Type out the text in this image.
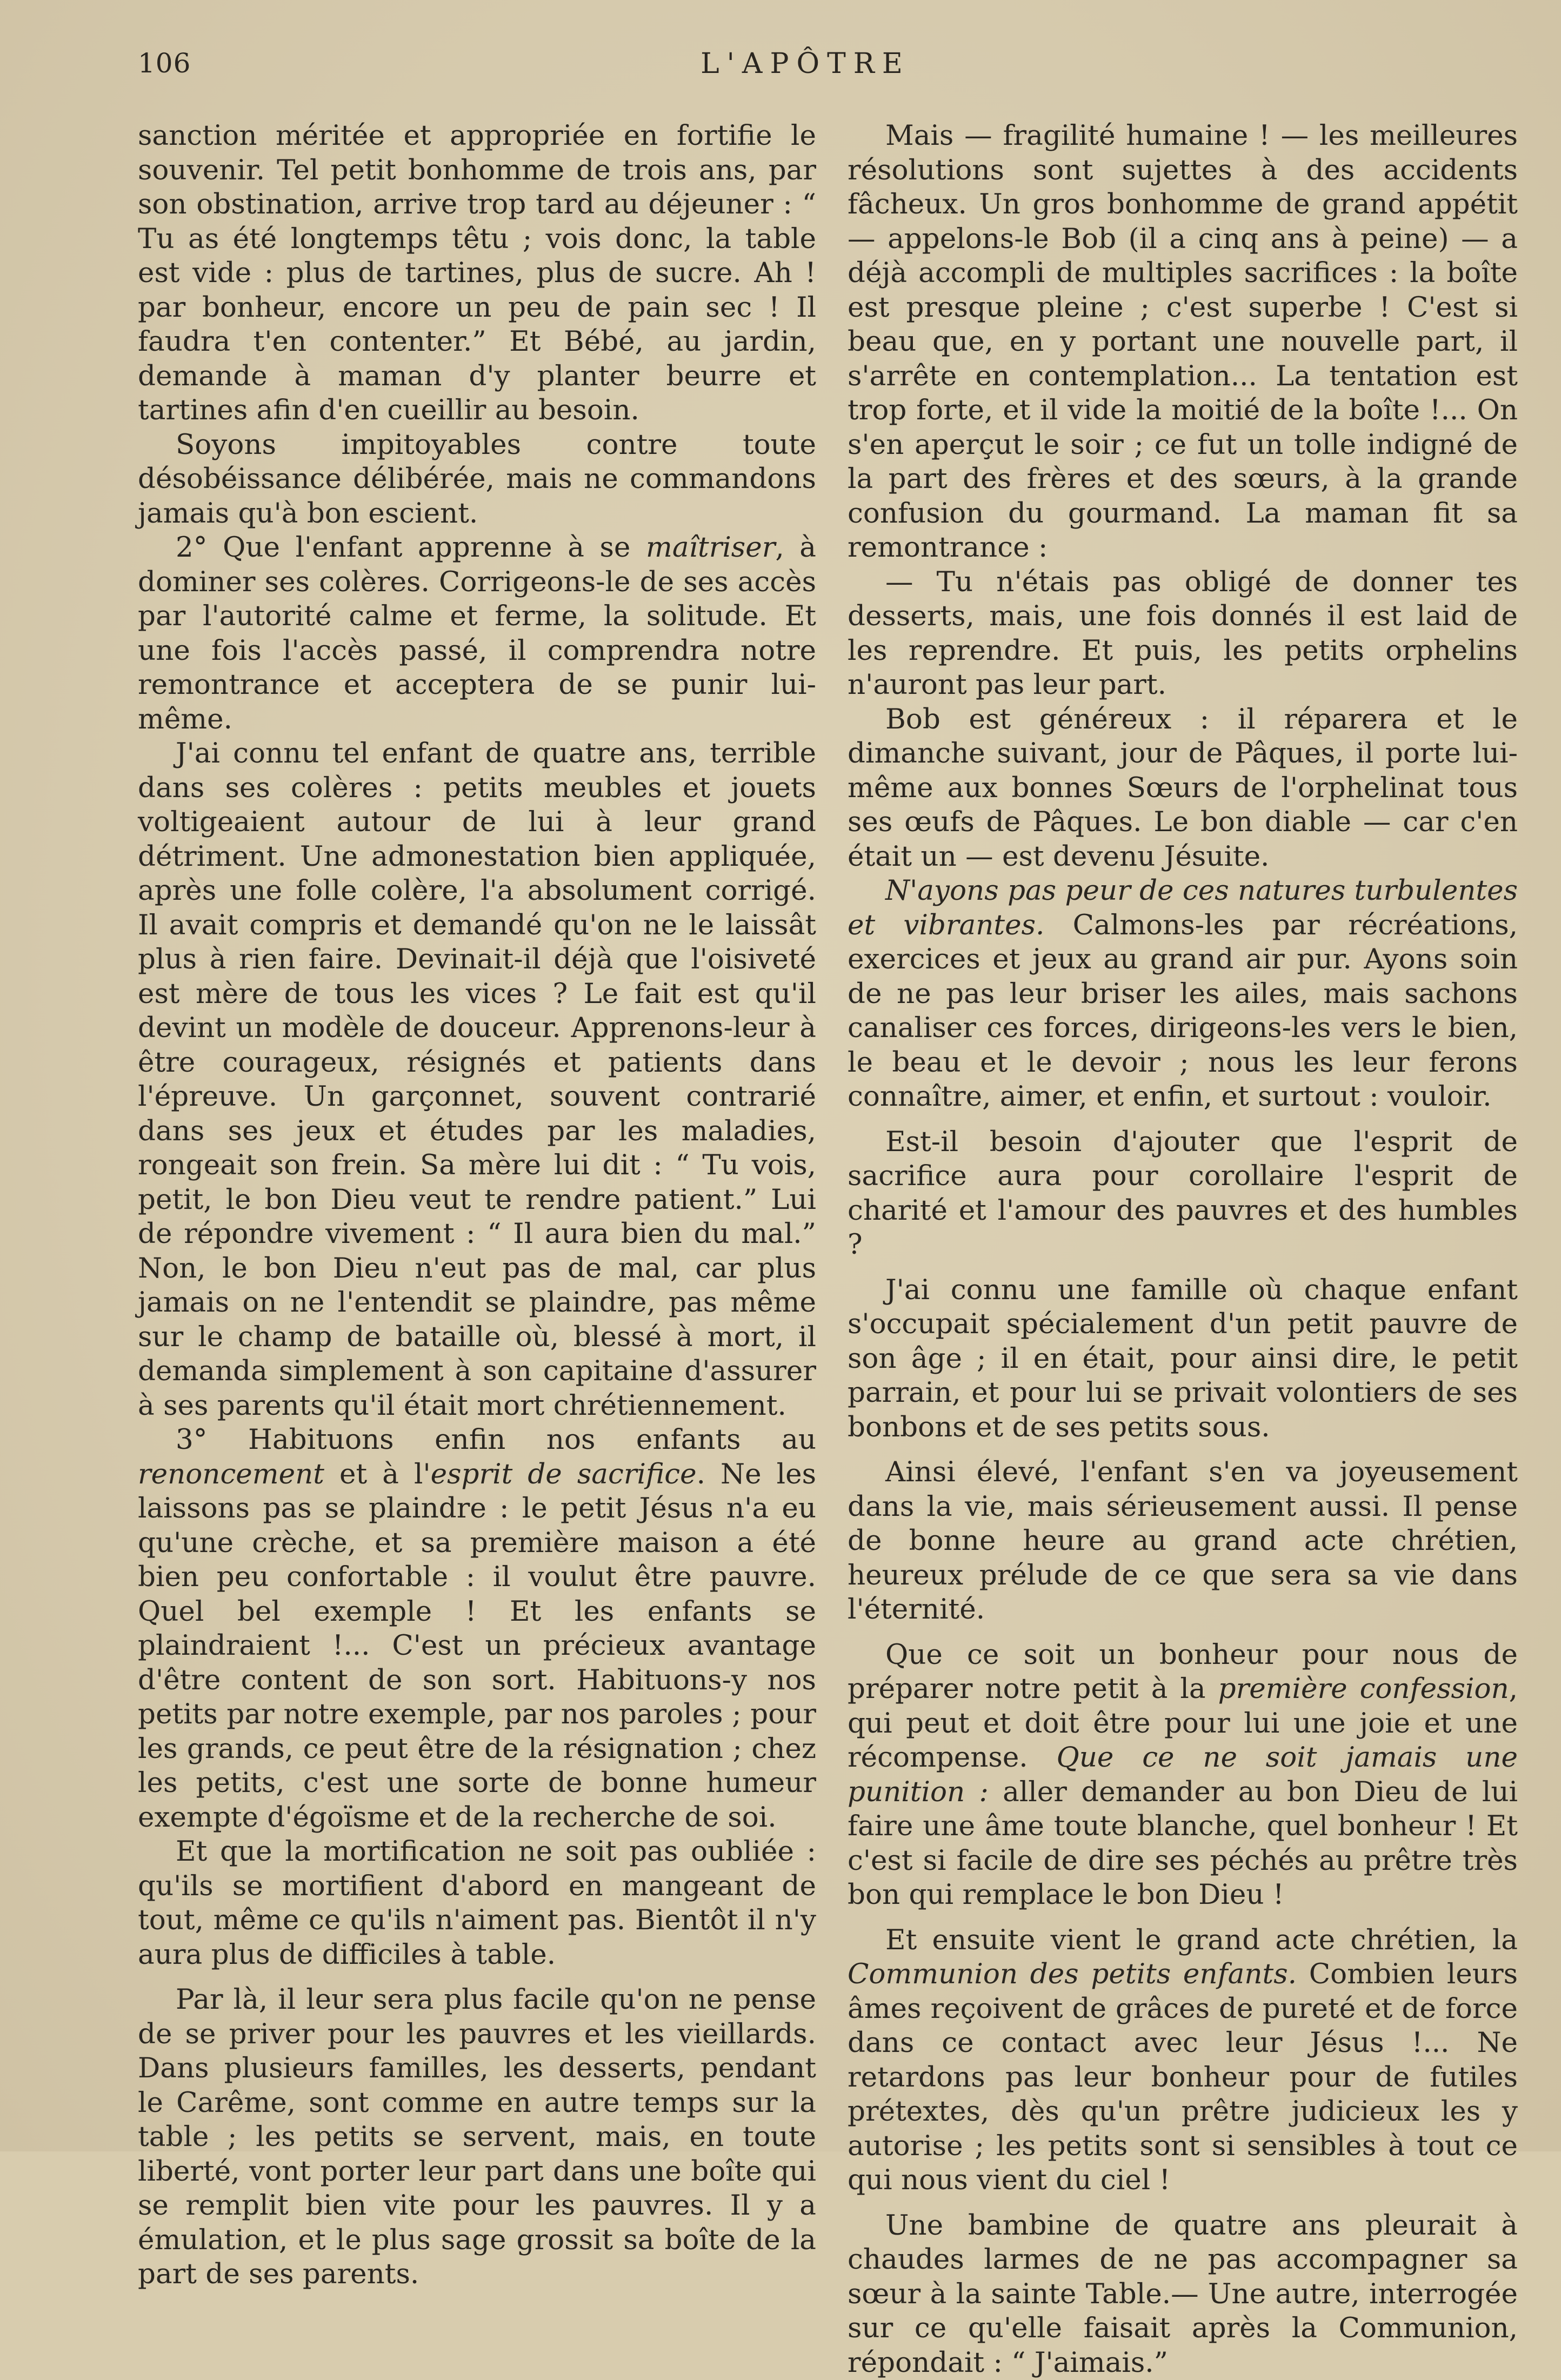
106	L'APÔTRE

sanction méritée et appropriée en fortifie le souvenir. Tel petit bonhomme de trois ans, par son obstination, arrive trop tard au déjeuner : “ Tu as été longtemps têtu ; vois donc, la table est vide : plus de tartines, plus de sucre. Ah ! par bonheur, encore un peu de pain sec ! Il faudra t'en contenter.” Et Bébé, au jardin, demande à maman d'y planter beurre et tartines afin d'en cueillir au besoin.

Soyons impitoyables contre toute désobéissance délibérée, mais ne commandons jamais qu'à bon escient.

2° Que l'enfant apprenne à se maîtriser, à dominer ses colères. Corrigeons-le de ses accès par l'autorité calme et ferme, la solitude. Et une fois l'accès passé, il comprendra notre remontrance et acceptera de se punir lui-même.

J'ai connu tel enfant de quatre ans, terrible dans ses colères : petits meubles et jouets voltigeaient autour de lui à leur grand détriment. Une admonestation bien appliquée, après une folle colère, l'a absolument corrigé. Il avait compris et demandé qu'on ne le laissât plus à rien faire. Devinait-il déjà que l'oisiveté est mère de tous les vices ? Le fait est qu'il devint un modèle de douceur. Apprenons-leur à être courageux, résignés et patients dans l'épreuve. Un garçonnet, souvent contrarié dans ses jeux et études par les maladies, rongeait son frein. Sa mère lui dit : “ Tu vois, petit, le bon Dieu veut te rendre patient.” Lui de répondre vivement : “ Il aura bien du mal.” Non, le bon Dieu n'eut pas de mal, car plus jamais on ne l'entendit se plaindre, pas même sur le champ de bataille où, blessé à mort, il demanda simplement à son capitaine d'assurer à ses parents qu'il était mort chrétiennement.

3° Habituons enfin nos enfants au renoncement et à l'esprit de sacrifice. Ne les laissons pas se plaindre : le petit Jésus n'a eu qu'une crèche, et sa première maison a été bien peu confortable : il voulut être pauvre. Quel bel exemple ! Et les enfants se plaindraient !... C'est un précieux avantage d'être content de son sort. Habituons-y nos petits par notre exemple, par nos paroles ; pour les grands, ce peut être de la résignation ; chez les petits, c'est une sorte de bonne humeur exempte d'égoïsme et de la recherche de soi.

Et que la mortification ne soit pas oubliée : qu'ils se mortifient d'abord en mangeant de tout, même ce qu'ils n'aiment pas. Bientôt il n'y aura plus de difficiles à table.

Par là, il leur sera plus facile qu'on ne pense de se priver pour les pauvres et les vieillards. Dans plusieurs familles, les desserts, pendant le Carême, sont comme en autre temps sur la table ; les petits se servent, mais, en toute liberté, vont porter leur part dans une boîte qui se remplit bien vite pour les pauvres. Il y a émulation, et le plus sage grossit sa boîte de la part de ses parents.

Mais — fragilité humaine ! — les meilleures résolutions sont sujettes à des accidents fâcheux. Un gros bonhomme de grand appétit — appelons-le Bob (il a cinq ans à peine) — a déjà accompli de multiples sacrifices : la boîte est presque pleine ; c'est superbe ! C'est si beau que, en y portant une nouvelle part, il s'arrête en contemplation... La tentation est trop forte, et il vide la moitié de la boîte !... On s'en aperçut le soir ; ce fut un tolle indigné de la part des frères et des sœurs, à la grande confusion du gourmand. La maman fit sa remontrance :

— Tu n'étais pas obligé de donner tes desserts, mais, une fois donnés il est laid de les reprendre. Et puis, les petits orphelins n'auront pas leur part.

Bob est généreux : il réparera et le dimanche suivant, jour de Pâques, il porte lui-même aux bonnes Sœurs de l'orphelinat tous ses œufs de Pâques. Le bon diable — car c'en était un — est devenu Jésuite.

N'ayons pas peur de ces natures turbulentes et vibrantes. Calmons-les par récréations, exercices et jeux au grand air pur. Ayons soin de ne pas leur briser les ailes, mais sachons canaliser ces forces, dirigeons-les vers le bien, le beau et le devoir ; nous les leur ferons connaître, aimer, et enfin, et surtout : vouloir.

Est-il besoin d'ajouter que l'esprit de sacrifice aura pour corollaire l'esprit de charité et l'amour des pauvres et des humbles ?

J'ai connu une famille où chaque enfant s'occupait spécialement d'un petit pauvre de son âge ; il en était, pour ainsi dire, le petit parrain, et pour lui se privait volontiers de ses bonbons et de ses petits sous.

Ainsi élevé, l'enfant s'en va joyeusement dans la vie, mais sérieusement aussi. Il pense de bonne heure au grand acte chrétien, heureux prélude de ce que sera sa vie dans l'éternité.

Que ce soit un bonheur pour nous de préparer notre petit à la première confession, qui peut et doit être pour lui une joie et une récompense. Que ce ne soit jamais une punition : aller demander au bon Dieu de lui faire une âme toute blanche, quel bonheur ! Et c'est si facile de dire ses péchés au prêtre très bon qui remplace le bon Dieu !

Et ensuite vient le grand acte chrétien, la Communion des petits enfants. Combien leurs âmes reçoivent de grâces de pureté et de force dans ce contact avec leur Jésus !... Ne retardons pas leur bonheur pour de futiles prétextes, dès qu'un prêtre judicieux les y autorise ; les petits sont si sensibles à tout ce qui nous vient du ciel !

Une bambine de quatre ans pleurait à chaudes larmes de ne pas accompagner sa sœur à la sainte Table.— Une autre, interrogée sur ce qu'elle faisait après la Communion, répondait : “ J'aimais.”
